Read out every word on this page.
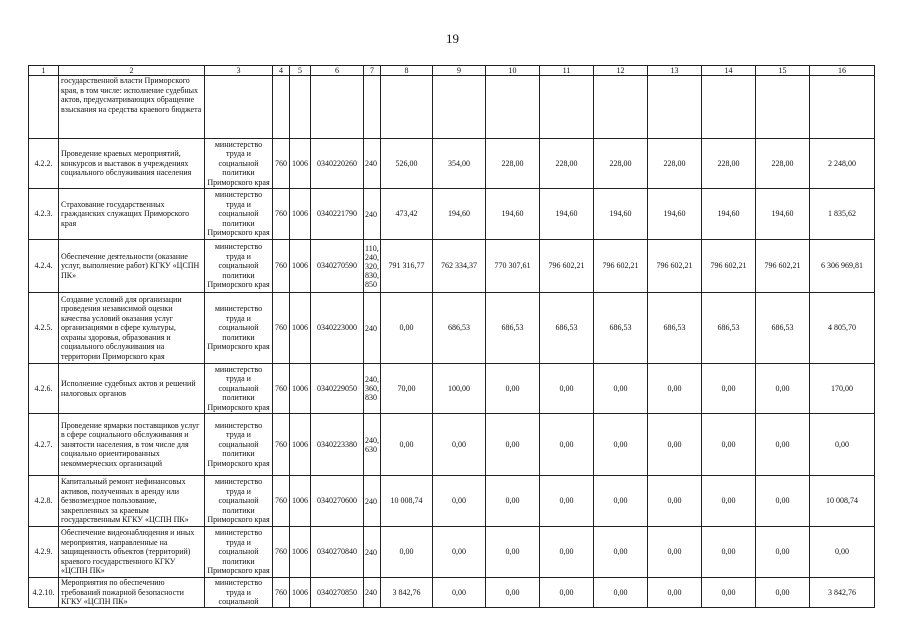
19
1	2	3	4	5	6	7	8	9	10	11	12	13	14	15	16
	государственной власти Приморского края, в том числе: исполнение судебных актов, предусматривающих обращение взыскания на средства краевого бюджета														
4.2.2.	Проведение краевых мероприятий, конкурсов и выставок в учреждениях социального обслуживания населения	министерство труда и социальной политики Приморского края	760	1006	0340220260	240	526,00	354,00	228,00	228,00	228,00	228,00	228,00	228,00	2 248,00
4.2.3.	Страхование государственных гражданских служащих Приморского края	министерство труда и социальной политики Приморского края	760	1006	0340221790	240	473,42	194,60	194,60	194,60	194,60	194,60	194,60	194,60	1 835,62
4.2.4.	Обеспечение деятельности (оказание услуг, выполнение работ) КГКУ «ЦСПН ПК»	министерство труда и социальной политики Приморского края	760	1006	0340270590	110, 240, 320, 830, 850	791 316,77	762 334,37	770 307,61	796 602,21	796 602,21	796 602,21	796 602,21	796 602,21	6 306 969,81
4.2.5.	Создание условий для организации проведения независимой оценки качества условий оказания услуг организациями в сфере культуры, охраны здоровья, образования и социального обслуживания на территории Приморского края	министерство труда и социальной политики Приморского края	760	1006	0340223000	240	0,00	686,53	686,53	686,53	686,53	686,53	686,53	686,53	4 805,70
4.2.6.	Исполнение судебных актов и решений налоговых органов	министерство труда и социальной политики Приморского края	760	1006	0340229050	240, 360, 830	70,00	100,00	0,00	0,00	0,00	0,00	0,00	0,00	170,00
4.2.7.	Проведение ярмарки поставщиков услуг в сфере социального обслуживания и занятости населения, в том числе для социально ориентированных некоммерческих организаций	министерство труда и социальной политики Приморского края	760	1006	0340223380	240, 630	0,00	0,00	0,00	0,00	0,00	0,00	0,00	0,00	0,00
4.2.8.	Капитальный ремонт нефинансовых активов, полученных в аренду или безвозмездное пользование, закрепленных за краевым государственным КГКУ «ЦСПН ПК»	министерство труда и социальной политики Приморского края	760	1006	0340270600	240	10 008,74	0,00	0,00	0,00	0,00	0,00	0,00	0,00	10 008,74
4.2.9.	Обеспечение видеонаблюдения и иных мероприятия, направленные на защищенность объектов (территорий) краевого государственного КГКУ «ЦСПН ПК»	министерство труда и социальной политики Приморского края	760	1006	0340270840	240	0,00	0,00	0,00	0,00	0,00	0,00	0,00	0,00	0,00
4.2.10.	Мероприятия по обеспечению требований пожарной безопасности КГКУ «ЦСПН ПК»	министерство труда и социальной	760	1006	0340270850	240	3 842,76	0,00	0,00	0,00	0,00	0,00	0,00	0,00	3 842,76
